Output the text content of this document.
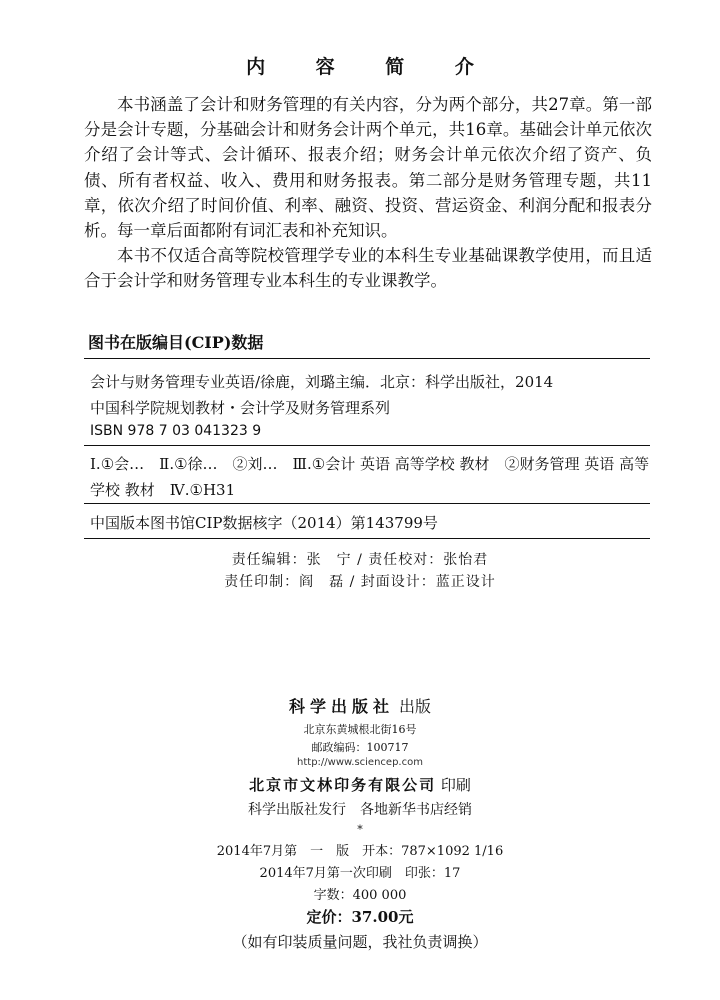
内 容 简 介

本书涵盖了会计和财务管理的有关内容，分为两个部分，共27章。第一部分是会计专题，分基础会计和财务会计两个单元，共16章。基础会计单元依次介绍了会计等式、会计循环、报表介绍；财务会计单元依次介绍了资产、负债、所有者权益、收入、费用和财务报表。第二部分是财务管理专题，共11章，依次介绍了时间价值、利率、融资、投资、营运资金、利润分配和报表分析。每一章后面都附有词汇表和补充知识。

本书不仅适合高等院校管理学专业的本科生专业基础课教学使用，而且适合于会计学和财务管理专业本科生的专业课教学。

图书在版编目(CIP)数据
会计与财务管理专业英语/徐鹿，刘璐主编．北京：科学出版社，2014
中国科学院规划教材・会计学及财务管理系列
ISBN 978 7 03 041323 9
Ⅰ.①会…　Ⅱ.①徐…　②刘…　Ⅲ.①会计 英语 高等学校 教材　②财务管理 英语 高等学校 教材　Ⅳ.①H31
中国版本图书馆CIP数据核字（2014）第143799号
责任编辑：张　宁 / 责任校对：张怡君
责任印制：阎　磊 / 封面设计：蓝正设计
科学出版社 出版
北京东黄城根北街16号
邮政编码：100717
http://www.sciencep.com
北京市文林印务有限公司 印刷
科学出版社发行　各地新华书店经销
*
2014年7月第　一　版　开本：787×1092 1/16
2014年7月第一次印刷　印张：17
字数：400 000
定价：37.00元
（如有印装质量问题，我社负责调换）
